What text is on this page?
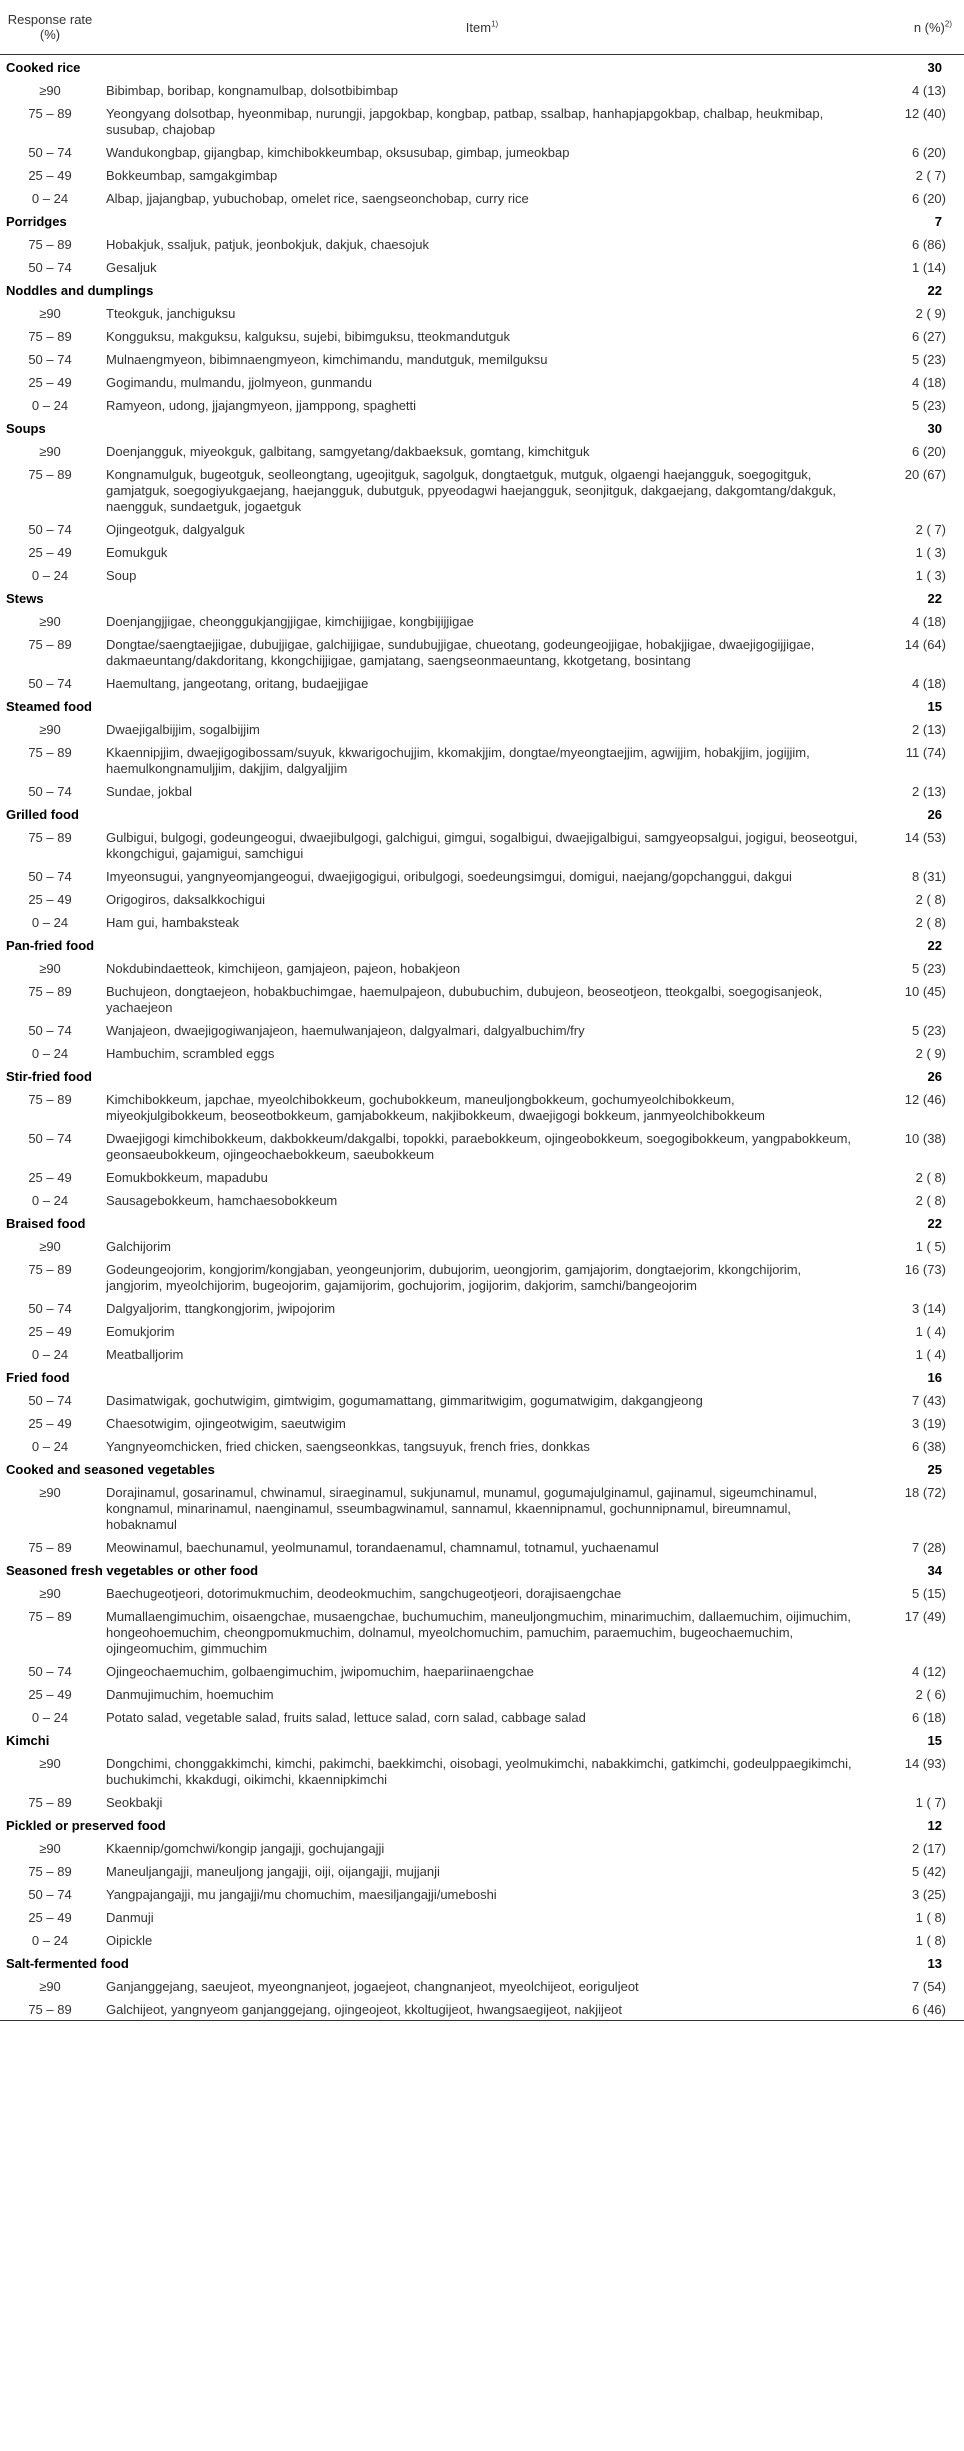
Response rate (%)	Item$^{1)}$	n (%)$^{2)}$
Cooked rice		30
≥90	Bibimbap, boribap, kongnamulbap, dolsotbibimbap	4 (13)
75 – 89	Yeongyang dolsotbap, hyeonmibap, nurungji, japgokbap, kongbap, patbap, ssalbap, hanhapjapgokbap, chalbap, heukmibap, susubap, chajobap	12 (40)
50 – 74	Wandukongbap, gijangbap, kimchibokkeumbap, oksusubap, gimbap, jumeokbap	6 (20)
25 – 49	Bokkeumbap, samgakgimbap	2 ( 7)
0 – 24	Albap, jjajangbap, yubuchobap, omelet rice, saengseonchobap, curry rice	6 (20)
Porridges		7
75 – 89	Hobakjuk, ssaljuk, patjuk, jeonbokjuk, dakjuk, chaesojuk	6 (86)
50 – 74	Gesaljuk	1 (14)
Noddles and dumplings		22
≥90	Tteokguk, janchiguksu	2 ( 9)
75 – 89	Kongguksu, makguksu, kalguksu, sujebi, bibimguksu, tteokmandutguk	6 (27)
50 – 74	Mulnaengmyeon, bibimnaengmyeon, kimchimandu, mandutguk, memilguksu	5 (23)
25 – 49	Gogimandu, mulmandu, jjolmyeon, gunmandu	4 (18)
0 – 24	Ramyeon, udong, jjajangmyeon, jjamppong, spaghetti	5 (23)
Soups		30
≥90	Doenjangguk, miyeokguk, galbitang, samgyetang/dakbaeksuk, gomtang, kimchitguk	6 (20)
75 – 89	Kongnamulguk, bugeotguk, seolleongtang, ugeojitguk, sagolguk, dongtaetguk, mutguk, olgaengi haejangguk, soegogitguk, gamjatguk, soegogiyukgaejang, haejangguk, dubutguk, ppyeodagwi haejangguk, seonjitguk, dakgaejang, dakgomtang/dakguk, naengguk, sundaetguk, jogaetguk	20 (67)
50 – 74	Ojingeotguk, dalgyalguk	2 ( 7)
25 – 49	Eomukguk	1 ( 3)
0 – 24	Soup	1 ( 3)
Stews		22
≥90	Doenjangjjigae, cheonggukjangjjigae, kimchijjigae, kongbijijjigae	4 (18)
75 – 89	Dongtae/saengtaejjigae, dubujjigae, galchijjigae, sundubujjigae, chueotang, godeungeojjigae, hobakjjigae, dwaejigogijjigae, dakmaeuntang/dakdoritang, kkongchijjigae, gamjatang, saengseonmaeuntang, kkotgetang, bosintang	14 (64)
50 – 74	Haemultang, jangeotang, oritang, budaejjigae	4 (18)
Steamed food		15
≥90	Dwaejigalbijjim, sogalbijjim	2 (13)
75 – 89	Kkaennipjjim, dwaejigogibossam/suyuk, kkwarigochujjim, kkomakjjim, dongtae/myeongtaejjim, agwijjim, hobakjjim, jogijjim, haemulkongnamuljjim, dakjjim, dalgyaljjim	11 (74)
50 – 74	Sundae, jokbal	2 (13)
Grilled food		26
75 – 89	Gulbigui, bulgogi, godeungeogui, dwaejibulgogi, galchigui, gimgui, sogalbigui, dwaejigalbigui, samgyeopsalgui, jogigui, beoseotgui, kkongchigui, gajamigui, samchigui	14 (53)
50 – 74	Imyeonsugui, yangnyeomjangeogui, dwaejigogigui, oribulgogi, soedeungsimgui, domigui, naejang/gopchanggui, dakgui	8 (31)
25 – 49	Origogiros, daksalkkochigui	2 ( 8)
0 – 24	Ham gui, hambaksteak	2 ( 8)
Pan-fried food		22
≥90	Nokdubindaetteok, kimchijeon, gamjajeon, pajeon, hobakjeon	5 (23)
75 – 89	Buchujeon, dongtaejeon, hobakbuchimgae, haemulpajeon, dububuchim, dubujeon, beoseotjeon, tteokgalbi, soegogisanjeok, yachaejeon	10 (45)
50 – 74	Wanjajeon, dwaejigogiwanjajeon, haemulwanjajeon, dalgyalmari, dalgyalbuchim/fry	5 (23)
0 – 24	Hambuchim, scrambled eggs	2 ( 9)
Stir-fried food		26
75 – 89	Kimchibokkeum, japchae, myeolchibokkeum, gochubokkeum, maneuljongbokkeum, gochumyeolchibokkeum, miyeokjulgibokkeum, beoseotbokkeum, gamjabokkeum, nakjibokkeum, dwaejigogi bokkeum, janmyeolchibokkeum	12 (46)
50 – 74	Dwaejigogi kimchibokkeum, dakbokkeum/dakgalbi, topokki, paraebokkeum, ojingeobokkeum, soegogibokkeum, yangpabokkeum, geonsaeubokkeum, ojingeochaebokkeum, saeubokkeum	10 (38)
25 – 49	Eomukbokkeum, mapadubu	2 ( 8)
0 – 24	Sausagebokkeum, hamchaesobokkeum	2 ( 8)
Braised food		22
≥90	Galchijorim	1 ( 5)
75 – 89	Godeungeojorim, kongjorim/kongjaban, yeongeunjorim, dubujorim, ueongjorim, gamjajorim, dongtaejorim, kkongchijorim, jangjorim, myeolchijorim, bugeojorim, gajamijorim, gochujorim, jogijorim, dakjorim, samchi/bangeojorim	16 (73)
50 – 74	Dalgyaljorim, ttangkongjorim, jwipojorim	3 (14)
25 – 49	Eomukjorim	1 ( 4)
0 – 24	Meatballjorim	1 ( 4)
Fried food		16
50 – 74	Dasimatwigak, gochutwigim, gimtwigim, gogumamattang, gimmaritwigim, gogumatwigim, dakgangjeong	7 (43)
25 – 49	Chaesotwigim, ojingeotwigim, saeutwigim	3 (19)
0 – 24	Yangnyeomchicken, fried chicken, saengseonkkas, tangsuyuk, french fries, donkkas	6 (38)
Cooked and seasoned vegetables		25
≥90	Dorajinamul, gosarinamul, chwinamul, siraeginamul, sukjunamul, munamul, gogumajulginamul, gajinamul, sigeumchinamul, kongnamul, minarinamul, naenginamul, sseumbagwinamul, sannamul, kkaennipnamul, gochunnipnamul, bireumnamul, hobaknamul	18 (72)
75 – 89	Meowinamul, baechunamul, yeolmunamul, torandaenamul, chamnamul, totnamul, yuchaenamul	7 (28)
Seasoned fresh vegetables or other food		34
≥90	Baechugeotjeori, dotorimukmuchim, deodeokmuchim, sangchugeotjeori, dorajisaengchae	5 (15)
75 – 89	Mumallaengimuchim, oisaengchae, musaengchae, buchumuchim, maneuljongmuchim, minarimuchim, dallaemuchim, oijimuchim, hongeohoemuchim, cheongpomukmuchim, dolnamul, myeolchomuchim, pamuchim, paraemuchim, bugeochaemuchim, ojingeomuchim, gimmuchim	17 (49)
50 – 74	Ojingeochaemuchim, golbaengimuchim, jwipomuchim, haepariinaengchae	4 (12)
25 – 49	Danmujimuchim, hoemuchim	2 ( 6)
0 – 24	Potato salad, vegetable salad, fruits salad, lettuce salad, corn salad, cabbage salad	6 (18)
Kimchi		15
≥90	Dongchimi, chonggakkimchi, kimchi, pakimchi, baekkimchi, oisobagi, yeolmukimchi, nabakkimchi, gatkimchi, godeulppaegikimchi, buchukimchi, kkakdugi, oikimchi, kkaennipkimchi	14 (93)
75 – 89	Seokbakji	1 ( 7)
Pickled or preserved food		12
≥90	Kkaennip/gomchwi/kongip jangajji, gochujangajji	2 (17)
75 – 89	Maneuljangajji, maneuljong jangajji, oiji, oijangajji, mujjanji	5 (42)
50 – 74	Yangpajangajji, mu jangajji/mu chomuchim, maesiljangajji/umeboshi	3 (25)
25 – 49	Danmuji	1 ( 8)
0 – 24	Oipickle	1 ( 8)
Salt-fermented food		13
≥90	Ganjanggejang, saeujeot, myeongnanjeot, jogaejeot, changnanjeot, myeolchijeot, eoriguljeot	7 (54)
75 – 89	Galchijeot, yangnyeom ganjanggejang, ojingeojeot, kkoltugijeot, hwangsaegijeot, nakjijeot	6 (46)
